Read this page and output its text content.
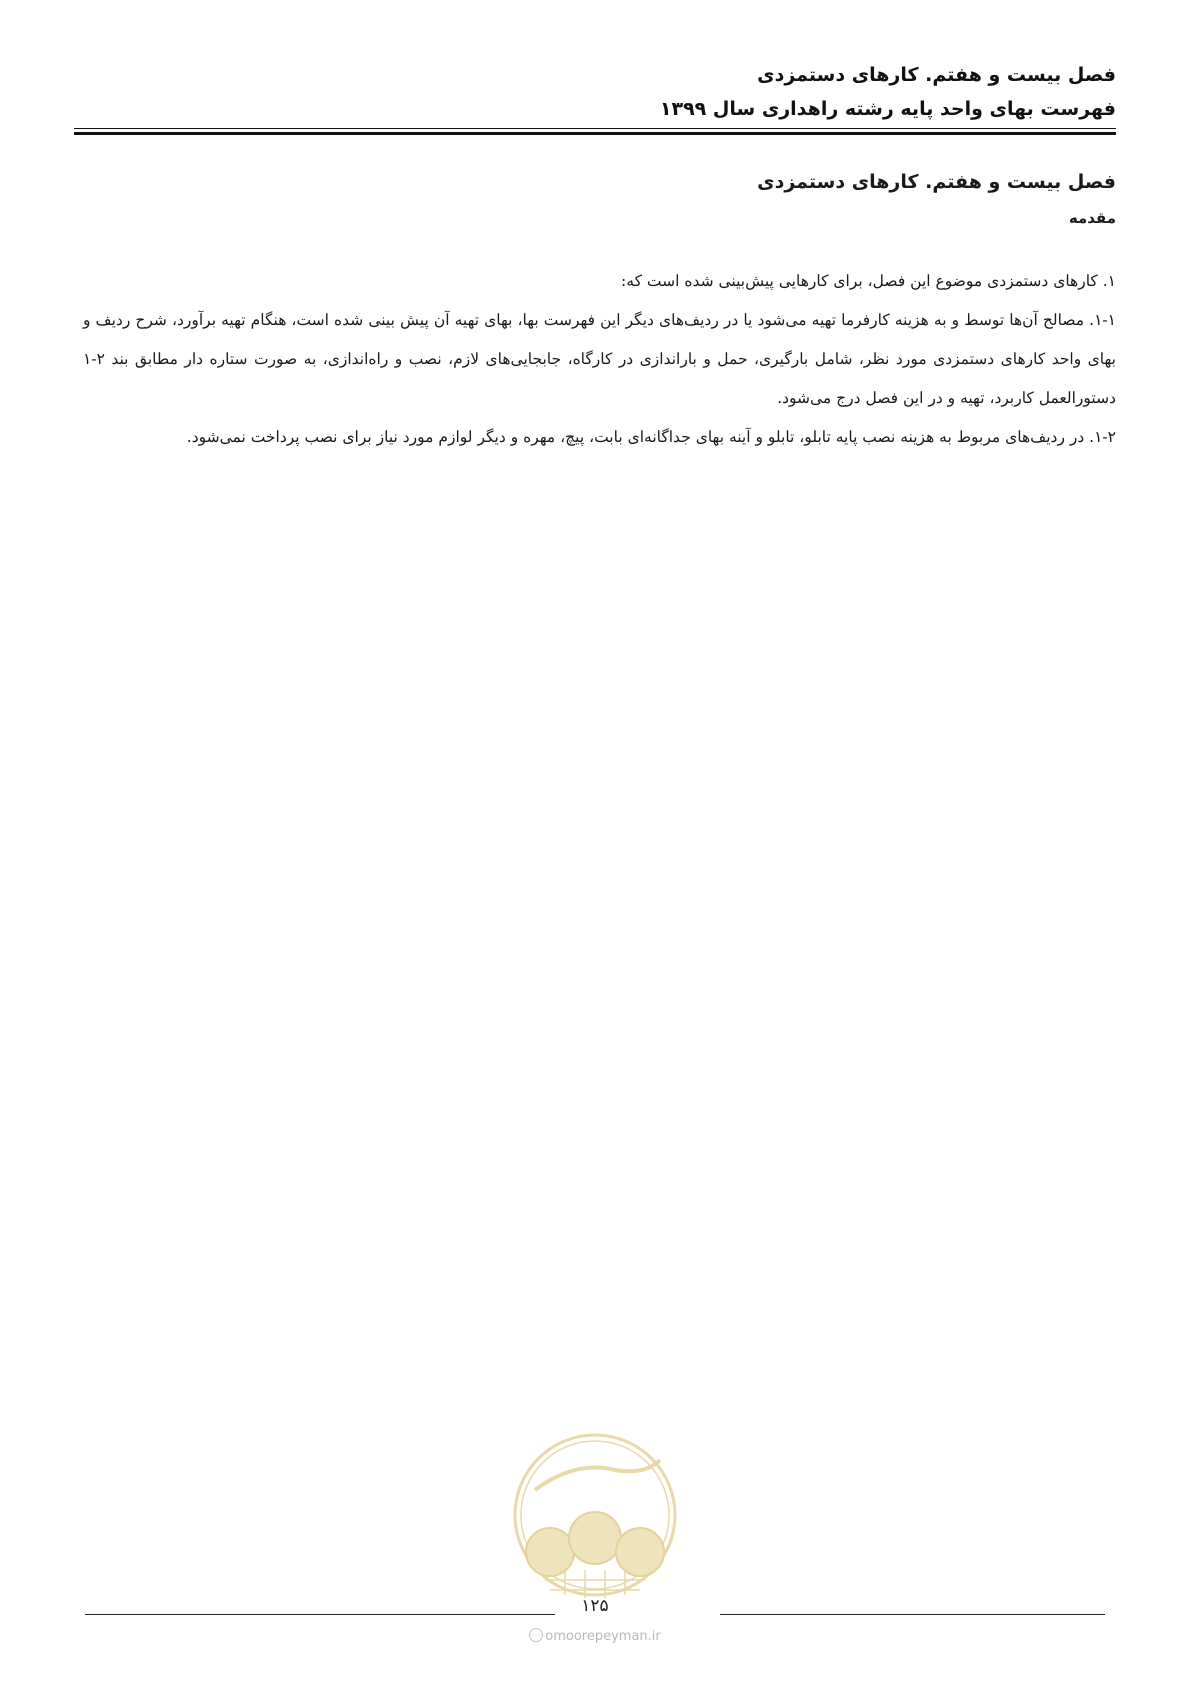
فصل بیست و هفتم. کارهای دستمزدی
فهرست بهای واحد پایه رشته راهداری سال ۱۳۹۹
فصل بیست و هفتم. کارهای دستمزدی
مقدمه

۱. کارهای دستمزدی موضوع این فصل، برای کارهایی پیش‌بینی شده است که:

۱-۱. مصالح آن‌ها توسط و به هزینه کارفرما تهیه می‌شود یا در ردیف‌های دیگر این فهرست بها، بهای تهیه آن پیش بینی شده است، هنگام تهیه برآورد، شرح ردیف و بهای واحد کارهای دستمزدی مورد نظر، شامل بارگیری، حمل و باراندازی در کارگاه، جابجایی‌های لازم، نصب و راه‌اندازی، به صورت ستاره دار مطابق بند ۲-۱ دستورالعمل کاربرد، تهیه و در این فصل درج می‌شود.

۱-۲. در ردیف‌های مربوط به هزینه نصب پایه تابلو، تابلو و آینه بهای جداگانه‌ای بابت، پیچ، مهره و دیگر لوازم مورد نیاز برای نصب پرداخت نمی‌شود.

۱۲۵
omoorepeyman.ir
